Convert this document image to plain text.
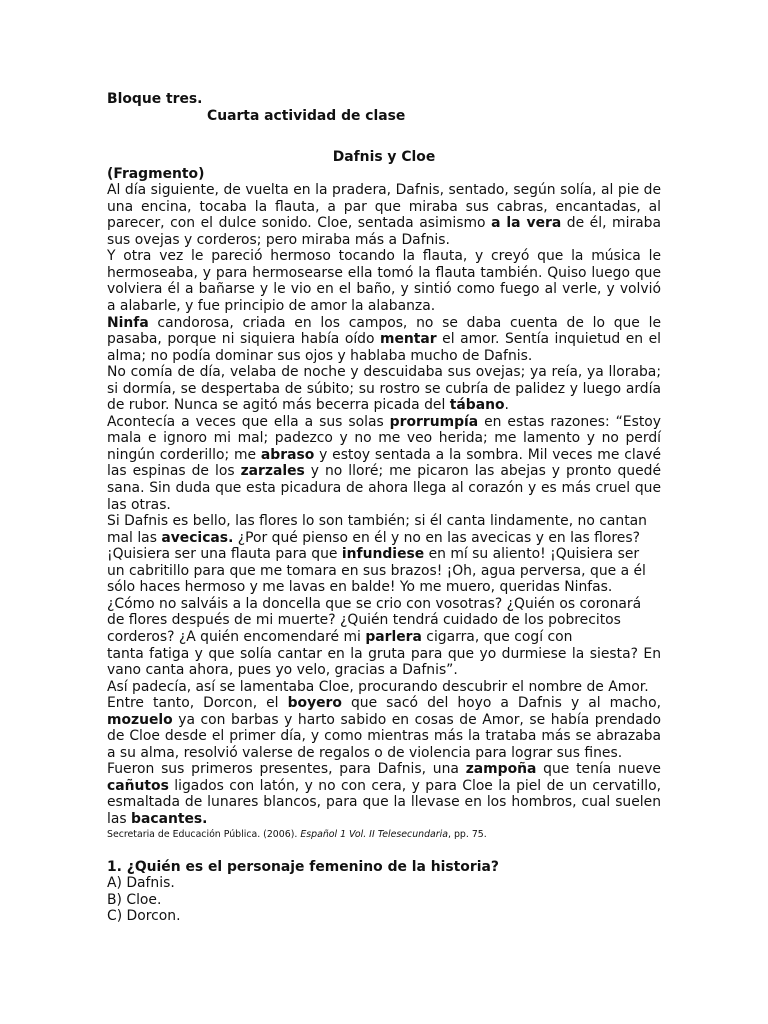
Bloque tres.
Cuarta actividad de clase
Dafnis y Cloe
(Fragmento)

Al día siguiente, de vuelta en la pradera, Dafnis, sentado, según solía, al pie de una encina, tocaba la flauta, a par que miraba sus cabras, encantadas, al parecer, con el dulce sonido. Cloe, sentada asimismo a la vera de él, miraba sus ovejas y corderos; pero miraba más a Dafnis.

Y otra vez le pareció hermoso tocando la flauta, y creyó que la música le hermoseaba, y para hermosearse ella tomó la flauta también. Quiso luego que volviera él a bañarse y le vio en el baño, y sintió como fuego al verle, y volvió a alabarle, y fue principio de amor la alabanza.

Ninfa candorosa, criada en los campos, no se daba cuenta de lo que le pasaba, porque ni siquiera había oído mentar el amor. Sentía inquietud en el alma; no podía dominar sus ojos y hablaba mucho de Dafnis.

No comía de día, velaba de noche y descuidaba sus ovejas; ya reía, ya lloraba; si dormía, se despertaba de súbito; su rostro se cubría de palidez y luego ardía de rubor. Nunca se agitó más becerra picada del tábano.

Acontecía a veces que ella a sus solas prorrumpía en estas razones: “Estoy mala e ignoro mi mal; padezco y no me veo herida; me lamento y no perdí ningún corderillo; me abraso y estoy sentada a la sombra. Mil veces me clavé las espinas de los zarzales y no lloré; me picaron las abejas y pronto quedé sana. Sin duda que esta picadura de ahora llega al corazón y es más cruel que las otras.

Si Dafnis es bello, las flores lo son también; si él canta lindamente, no cantan mal las avecicas. ¿Por qué pienso en él y no en las avecicas y en las flores? ¡Quisiera ser una flauta para que infundiese en mí su aliento! ¡Quisiera ser un cabritillo para que me tomara en sus brazos! ¡Oh, agua perversa, que a él sólo haces hermoso y me lavas en balde! Yo me muero, queridas Ninfas. ¿Cómo no salváis a la doncella que se crio con vosotras? ¿Quién os coronará de flores después de mi muerte? ¿Quién tendrá cuidado de los pobrecitos corderos? ¿A quién encomendaré mi parlera cigarra, que cogí con

tanta fatiga y que solía cantar en la gruta para que yo durmiese la siesta? En vano canta ahora, pues yo velo, gracias a Dafnis”.

Así padecía, así se lamentaba Cloe, procurando descubrir el nombre de Amor.

Entre tanto, Dorcon, el boyero que sacó del hoyo a Dafnis y al macho, mozuelo ya con barbas y harto sabido en cosas de Amor, se había prendado de Cloe desde el primer día, y como mientras más la trataba más se abrazaba a su alma, resolvió valerse de regalos o de violencia para lograr sus fines.

Fueron sus primeros presentes, para Dafnis, una zampoña que tenía nueve cañutos ligados con latón, y no con cera, y para Cloe la piel de un cervatillo, esmaltada de lunares blancos, para que la llevase en los hombros, cual suelen las bacantes.

Secretaria de Educación Pública. (2006). Español 1 Vol. II Telesecundaria, pp. 75.
1. ¿Quién es el personaje femenino de la historia?
A) Dafnis.
B) Cloe.
C) Dorcon.
